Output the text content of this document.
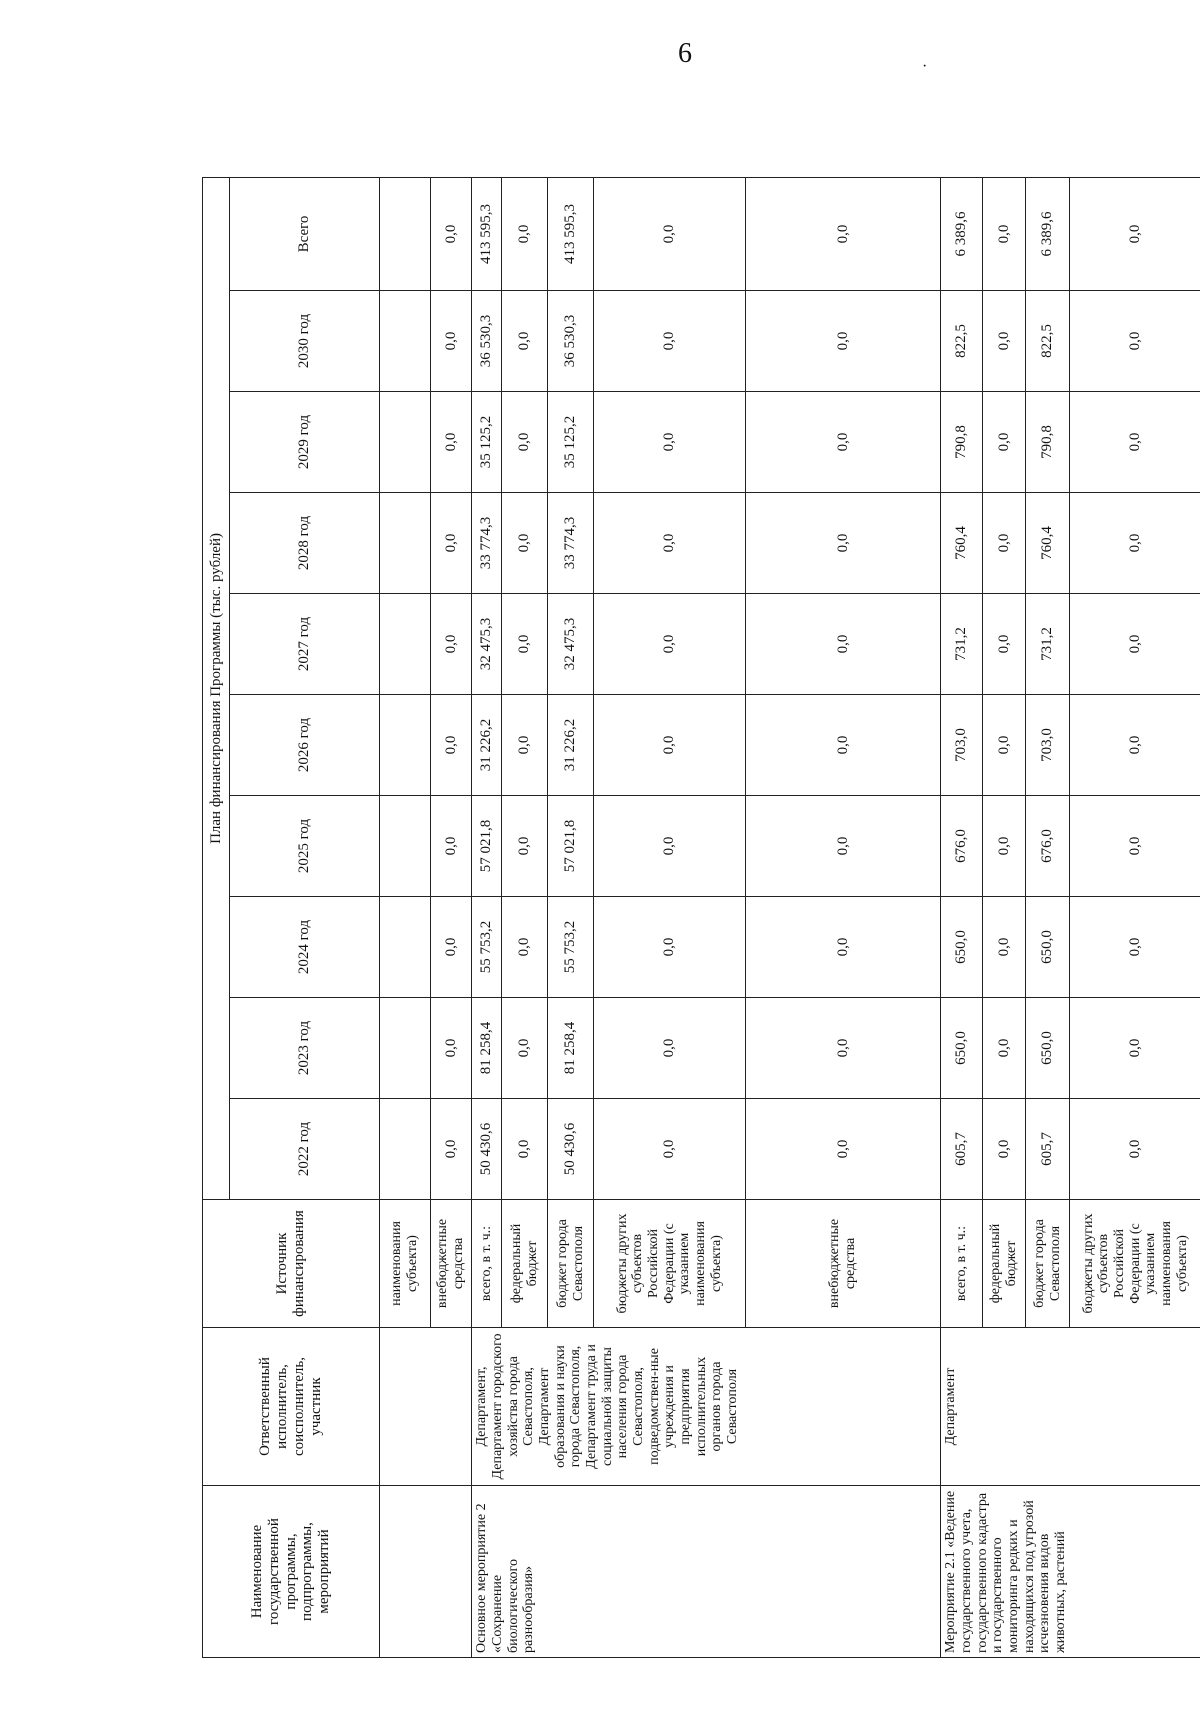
6	·
Наименование государственной программы, подпрограммы, мероприятий	Ответственный исполнитель, соисполнитель, участник	Источник финансирования	План финансирования Программы (тыс. рублей)									
			2022 год	2023 год	2024 год	2025 год	2026 год	2027 год	2028 год	2029 год	2030 год	Всего
		наименования субъекта)										
		внебюджетные средства	0,0	0,0	0,0	0,0	0,0	0,0	0,0	0,0	0,0	0,0
Основное мероприятие 2 «Сохранение биологического разнообразия»	Департамент, Департамент городского хозяйства города Севастополя, Департамент образования и науки города Севастополя, Департамент труда и социальной защиты населения города Севастополя, подведомствен-ные учреждения и предприятия исполнительных органов города Севастополя	всего, в т. ч.:	50 430,6	81 258,4	55 753,2	57 021,8	31 226,2	32 475,3	33 774,3	35 125,2	36 530,3	413 595,3
		федеральный бюджет	0,0	0,0	0,0	0,0	0,0	0,0	0,0	0,0	0,0	0,0
		бюджет города Севастополя	50 430,6	81 258,4	55 753,2	57 021,8	31 226,2	32 475,3	33 774,3	35 125,2	36 530,3	413 595,3
		бюджеты других субъектов Российской Федерации (с указанием наименования субъекта)	0,0	0,0	0,0	0,0	0,0	0,0	0,0	0,0	0,0	0,0
		внебюджетные средства	0,0	0,0	0,0	0,0	0,0	0,0	0,0	0,0	0,0	0,0
Мероприятие 2.1 «Ведение государственного учета, государственного кадастра и государственного мониторинга редких и находящихся под угрозой исчезновения видов животных, растений	Департамент	всего, в т. ч.:	605,7	650,0	650,0	676,0	703,0	731,2	760,4	790,8	822,5	6 389,6
		федеральный бюджет	0,0	0,0	0,0	0,0	0,0	0,0	0,0	0,0	0,0	0,0
		бюджет города Севастополя	605,7	650,0	650,0	676,0	703,0	731,2	760,4	790,8	822,5	6 389,6
		бюджеты других субъектов Российской Федерации (с указанием наименования субъекта)	0,0	0,0	0,0	0,0	0,0	0,0	0,0	0,0	0,0	0,0
